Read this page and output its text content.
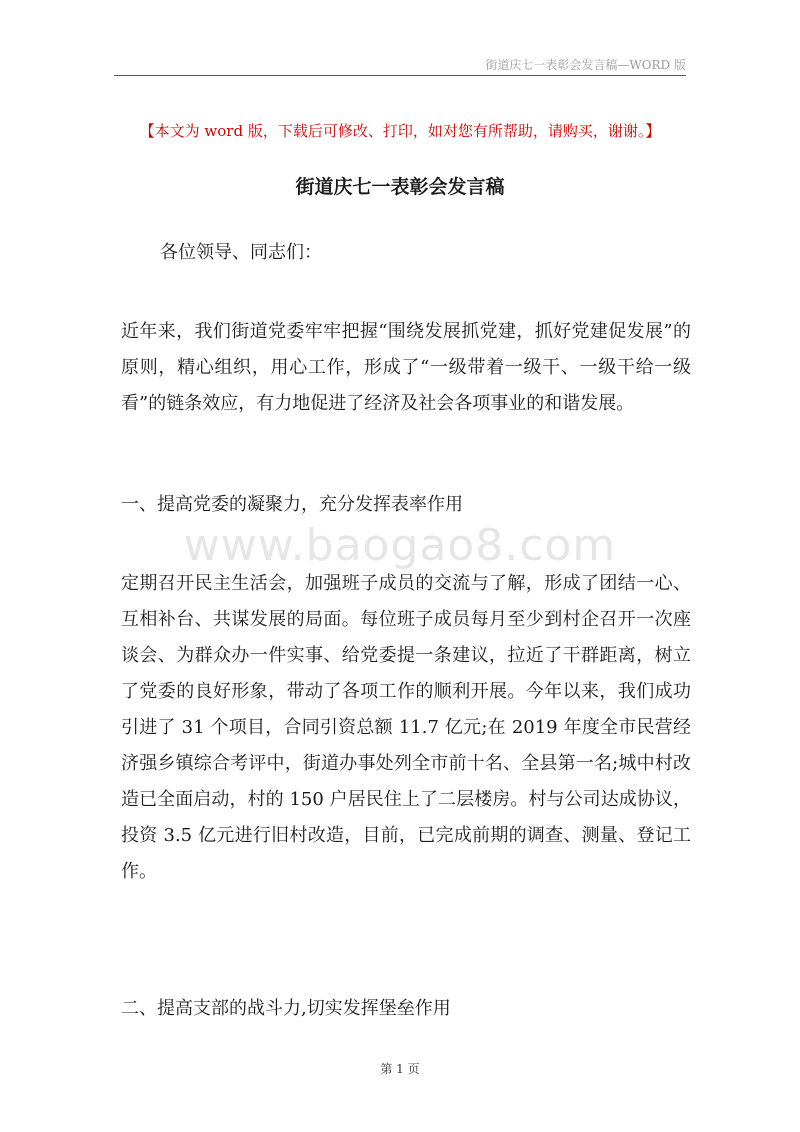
街道庆七一表彰会发言稿—WORD 版
【本文为 word 版，下载后可修改、打印，如对您有所帮助，请购买，谢谢。】
街道庆七一表彰会发言稿
各位领导、同志们：

近年来，我们街道党委牢牢把握“围绕发展抓党建，抓好党建促发展”的原则，精心组织，用心工作，形成了“一级带着一级干、一级干给一级看”的链条效应，有力地促进了经济及社会各项事业的和谐发展。

一、提高党委的凝聚力，充分发挥表率作用
www.baogao8.com

定期召开民主生活会，加强班子成员的交流与了解，形成了团结一心、互相补台、共谋发展的局面。每位班子成员每月至少到村企召开一次座谈会、为群众办一件实事、给党委提一条建议，拉近了干群距离，树立了党委的良好形象，带动了各项工作的顺利开展。今年以来，我们成功引进了 31 个项目，合同引资总额 11.7 亿元;在 2019 年度全市民营经济强乡镇综合考评中，街道办事处列全市前十名、全县第一名;城中村改造已全面启动，村的 150 户居民住上了二层楼房。村与公司达成协议，投资 3.5 亿元进行旧村改造，目前，已完成前期的调查、测量、登记工作。

二、提高支部的战斗力,切实发挥堡垒作用
第 1 页
